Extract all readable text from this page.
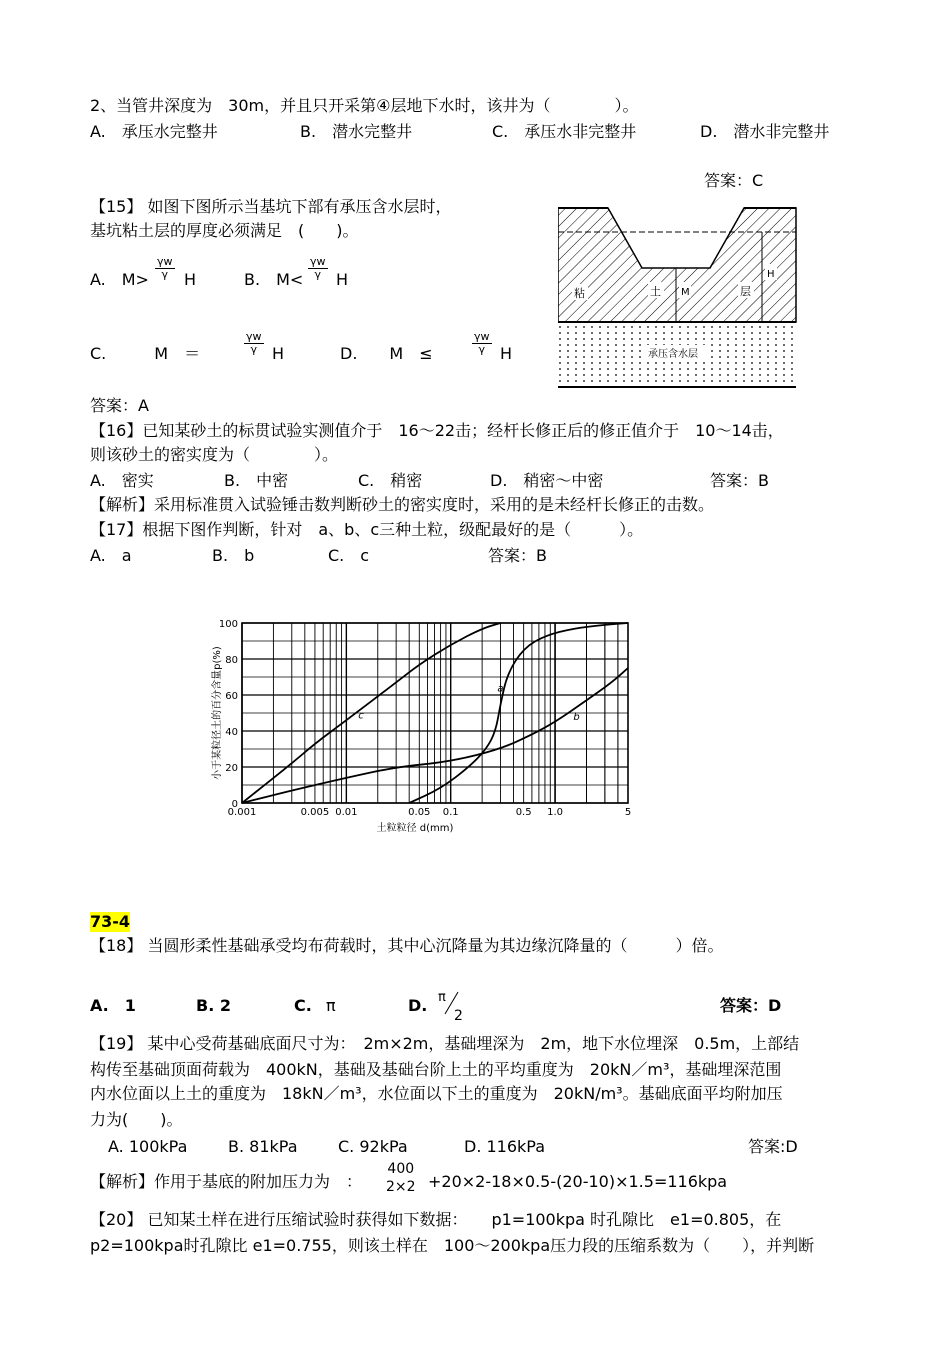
2、当管井深度为　30m，并且只开采第④层地下水时，该井为（　　　　）。
A.　承压水完整井	B.　潜水完整井	C.　承压水非完整井	D.　潜水非完整井
答案：C
【15】 如图下图所示当基坑下部有承压含水层时，
基坑粘土层的厚度必须满足　(　　)。
A.　$M> \frac{\gamma w}{\gamma}$ H	B.　$M< \frac{\gamma w}{\gamma}$ H
C.　　　M　＝	$\frac{\gamma w}{\gamma}$ H	D.　　M　≤	$\frac{\gamma w}{\gamma}$ H
答案：A
粘	土 M	层
H
承压含水层
【16】已知某砂土的标贯试验实测值介于　16～22击；经杆长修正后的修正值介于　10～14击，
则该砂土的密实度为（　　　　）。
A.　密实	B.　中密	C.　稍密	D.　稍密～中密	答案：B
【解析】采用标准贯入试验锤击数判断砂土的密实度时，采用的是未经杆长修正的击数。
【17】根据下图作判断，针对　a、b、c三种土粒，级配最好的是（　　　）。
A.　a	B.　b	C.　c	答案：B
0
20
40
60
80
100
0.001	0.005 0.01	0.05 0.1	0.5 1.0	5
土粒粒径 d(mm)
小于某粒径土的百分含量p(%)	a
b
c
73-4
【18】 当圆形柔性基础承受均布荷载时，其中心沉降量为其边缘沉降量的（　　　）倍。
A.　1	B. 2	C. π	D. π
2
答案：D
【19】 某中心受荷基础底面尺寸为：　2m×2m，基础埋深为　2m，地下水位埋深　0.5m，上部结
构传至基础顶面荷载为　400kN，基础及基础台阶上土的平均重度为　20kN／m³，基础埋深范围
内水位面以上土的重度为　18kN／m³，水位面以下土的重度为　20kN/m³。基础底面平均附加压
力为(　　)。
A. 100kPa	B. 81kPa	C. 92kPa	D. 116kPa	答案:D
【解析】作用于基底的附加压力为　：
400
2×2 +20×2-18×0.5-(20-10)×1.5=116kpa
【20】 已知某土样在进行压缩试验时获得如下数据：　　p1=100kpa 时孔隙比　e1=0.805，在
p2=100kpa时孔隙比 e1=0.755，则该土样在　100～200kpa压力段的压缩系数为（　　），并判断
